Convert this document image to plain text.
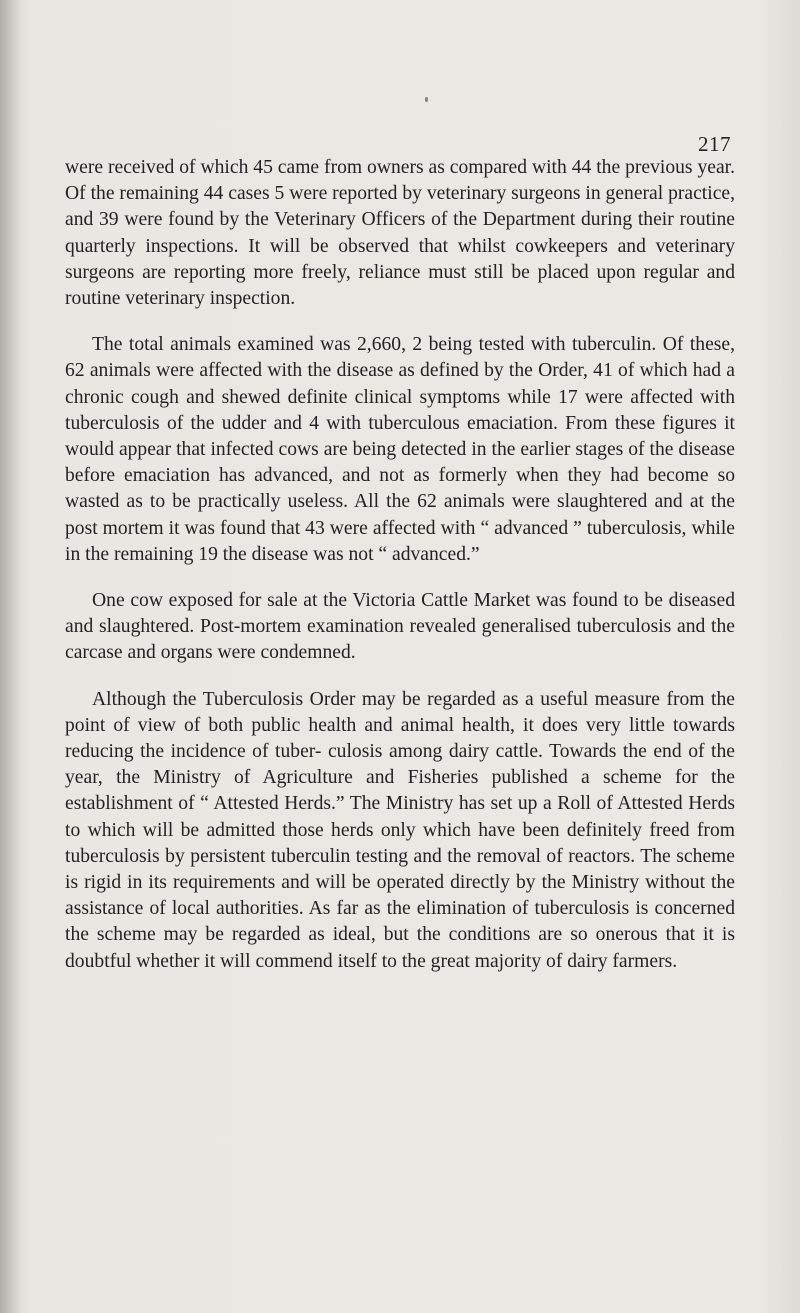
217

were received of which 45 came from owners as compared with 44 the previous year. Of the remaining 44 cases 5 were reported by veterinary surgeons in general practice, and 39 were found by the Veterinary Officers of the Department during their routine quarterly inspections. It will be observed that whilst cowkeepers and veterinary surgeons are reporting more freely, reliance must still be placed upon regular and routine veterinary inspection.

The total animals examined was 2,660, 2 being tested with tuberculin. Of these, 62 animals were affected with the disease as defined by the Order, 41 of which had a chronic cough and shewed definite clinical symptoms while 17 were affected with tuberculosis of the udder and 4 with tuberculous emaciation. From these figures it would appear that infected cows are being detected in the earlier stages of the disease before emaciation has advanced, and not as formerly when they had become so wasted as to be practically useless. All the 62 animals were slaughtered and at the post mortem it was found that 43 were affected with “ advanced ” tuberculosis, while in the remaining 19 the disease was not “ advanced.”

One cow exposed for sale at the Victoria Cattle Market was found to be diseased and slaughtered. Post-mortem examination revealed generalised tuberculosis and the carcase and organs were condemned.

Although the Tuberculosis Order may be regarded as a useful measure from the point of view of both public health and animal health, it does very little towards reducing the incidence of tuber- culosis among dairy cattle. Towards the end of the year, the Ministry of Agriculture and Fisheries published a scheme for the establishment of “ Attested Herds.” The Ministry has set up a Roll of Attested Herds to which will be admitted those herds only which have been definitely freed from tuberculosis by persistent tuberculin testing and the removal of reactors. The scheme is rigid in its requirements and will be operated directly by the Ministry without the assistance of local authorities. As far as the elimination of tuberculosis is concerned the scheme may be regarded as ideal, but the conditions are so onerous that it is doubtful whether it will commend itself to the great majority of dairy farmers.
